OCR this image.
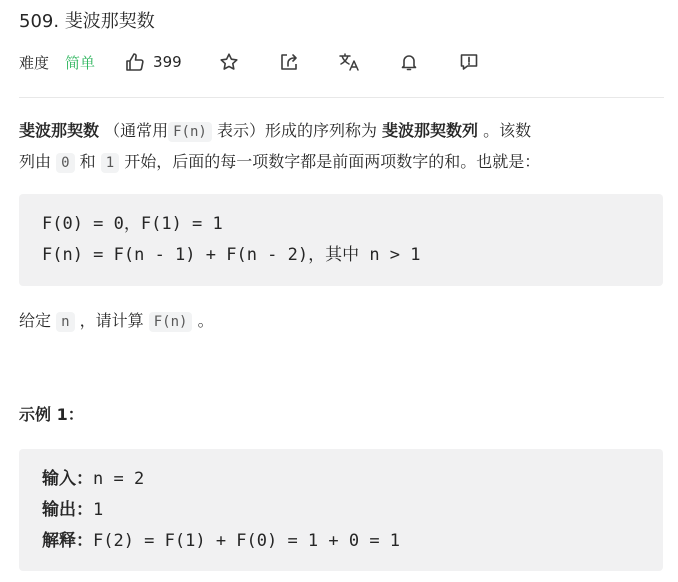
509. 斐波那契数
难度 简单	399
斐波那契数 （通常用 F(n) 表示）形成的序列称为 斐波那契数列 。该数
列由 0 和 1 开始，后面的每一项数字都是前面两项数字的和。也就是：
F(0) = 0，F(1) = 1
F(n) = F(n - 1) + F(n - 2)，其中 n > 1
给定 n ，请计算 F(n) 。
示例 1：
输入：n = 2
输出：1
解释：F(2) = F(1) + F(0) = 1 + 0 = 1
